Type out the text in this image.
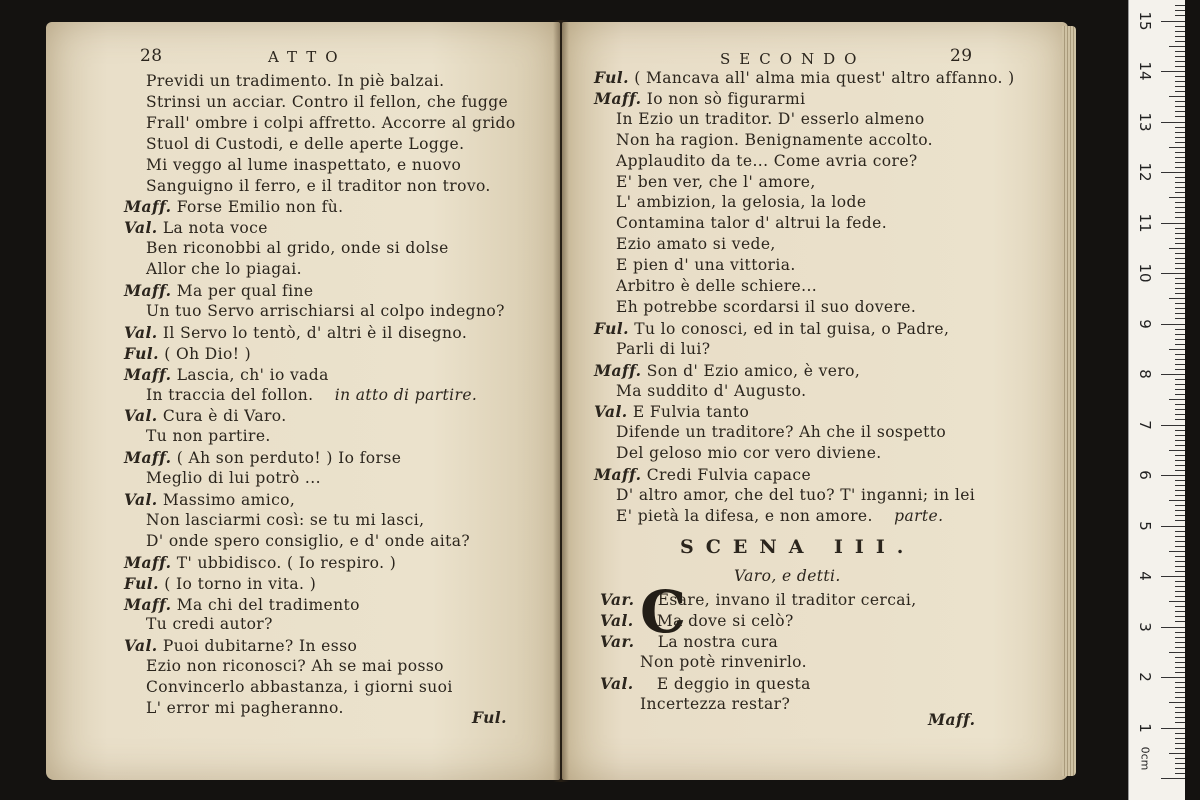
28	ATTO
Ful.
Previdi un tradimento. In piè balzai.
Strinsi un acciar. Contro il fellon, che fugge
Frall' ombre i colpi affretto. Accorre al grido
Stuol di Custodi, e delle aperte Logge.
Mi veggo al lume inaspettato, e nuovo
Sanguigno il ferro, e il traditor non trovo.
Maff. Forse Emilio non fù.
Val. La nota voce
Ben riconobbi al grido, onde si dolse
Allor che lo piagai.
Maff. Ma per qual fine
Un tuo Servo arrischiarsi al colpo indegno?
Val. Il Servo lo tentò, d' altri è il disegno.
Ful. ( Oh Dio! )
Maff. Lascia, ch' io vada
In traccia del follon.    in atto di partire.
Val. Cura è di Varo.
Tu non partire.
Maff. ( Ah son perduto! ) Io forse
Meglio di lui potrò ...
Val. Massimo amico,
Non lasciarmi così: se tu mi lasci,
D' onde spero consiglio, e d' onde aita?
Maff. T' ubbidisco. ( Io respiro. )
Ful. ( Io torno in vita. )
Maff. Ma chi del tradimento
Tu credi autor?
Val. Puoi dubitarne? In esso
Ezio non riconosci? Ah se mai posso
Convincerlo abbastanza, i giorni suoi
L' error mi pagheranno.
SECONDO	29
SCENA III.
Varo, e detti.
C
Maff.
Ful. ( Mancava all' alma mia quest' altro affanno. )
Maff. Io non sò figurarmi
In Ezio un traditor. D' esserlo almeno
Non ha ragion. Benignamente accolto.
Applaudito da te... Come avria core?
E' ben ver, che l' amore,
L' ambizion, la gelosia, la lode
Contamina talor d' altrui la fede.
Ezio amato si vede,
E pien d' una vittoria.
Arbitro è delle schiere...
Eh potrebbe scordarsi il suo dovere.
Ful. Tu lo conosci, ed in tal guisa, o Padre,
Parli di lui?
Maff. Son d' Ezio amico, è vero,
Ma suddito d' Augusto.
Val. E Fulvia tanto
Difende un traditore? Ah che il sospetto
Del geloso mio cor vero diviene.
Maff. Credi Fulvia capace
D' altro amor, che del tuo? T' inganni; in lei
E' pietà la difesa, e non amore.    parte.
Var. Esare, invano il traditor cercai,
Val. Ma dove si celò?
Var. La nostra cura
Non potè rinvenirlo.
Val. E deggio in questa
Incertezza restar?
1
2
3
4
5
6
7
8
9
10
11
12
13
14
15
0cm
